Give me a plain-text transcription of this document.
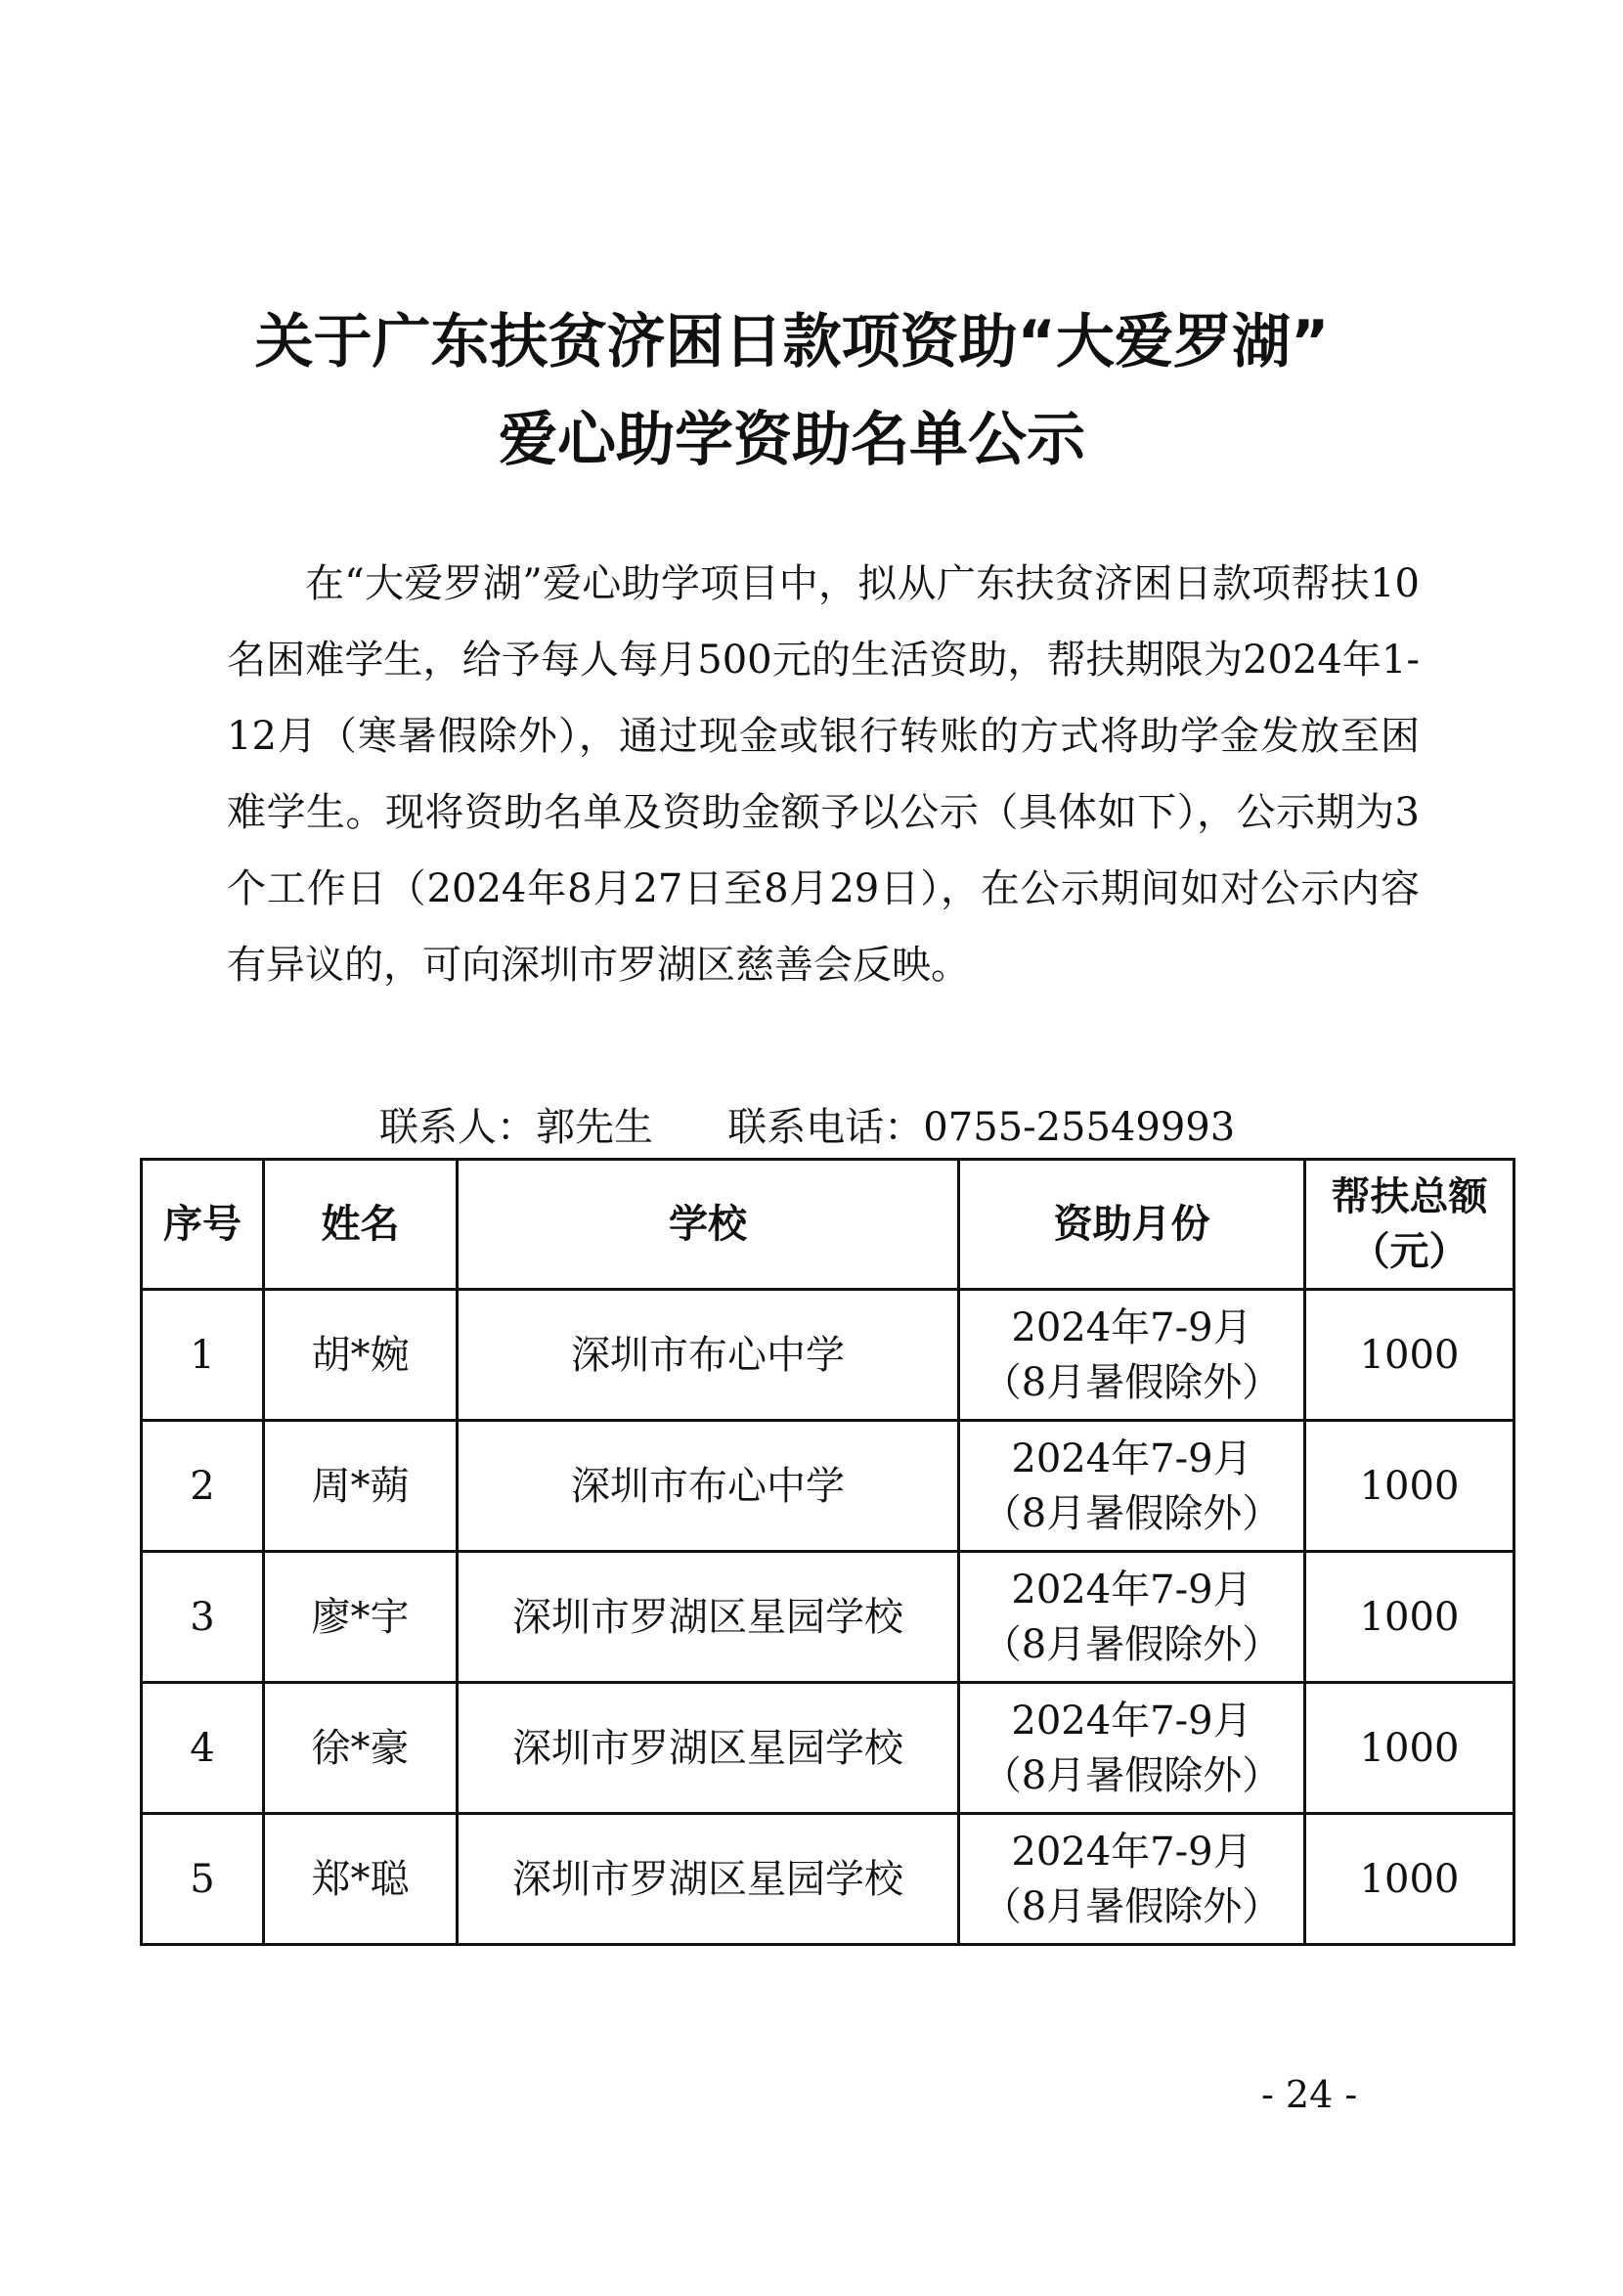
关于广东扶贫济困日款项资助“大爱罗湖”
爱心助学资助名单公示

在“大爱罗湖”爱心助学项目中，拟从广东扶贫济困日款项帮扶10名困难学生，给予每人每月500元的生活资助，帮扶期限为2024年1-12月（寒暑假除外），通过现金或银行转账的方式将助学金发放至困难学生。现将资助名单及资助金额予以公示（具体如下），公示期为3个工作日（2024年8月27日至8月29日），在公示期间如对公示内容有异议的，可向深圳市罗湖区慈善会反映。

联系人：郭先生 联系电话：0755-25549993
序号	姓名	学校	资助月份	帮扶总额
（元）

1	胡*婉	深圳市布心中学	2024年7-9月
（8月暑假除外）	1000
2	周*蒴	深圳市布心中学	2024年7-9月
（8月暑假除外）	1000
3	廖*宇	深圳市罗湖区星园学校	2024年7-9月
（8月暑假除外）	1000
4	徐*豪	深圳市罗湖区星园学校	2024年7-9月
（8月暑假除外）	1000
5	郑*聪	深圳市罗湖区星园学校	2024年7-9月
（8月暑假除外）	1000
- 24 -
